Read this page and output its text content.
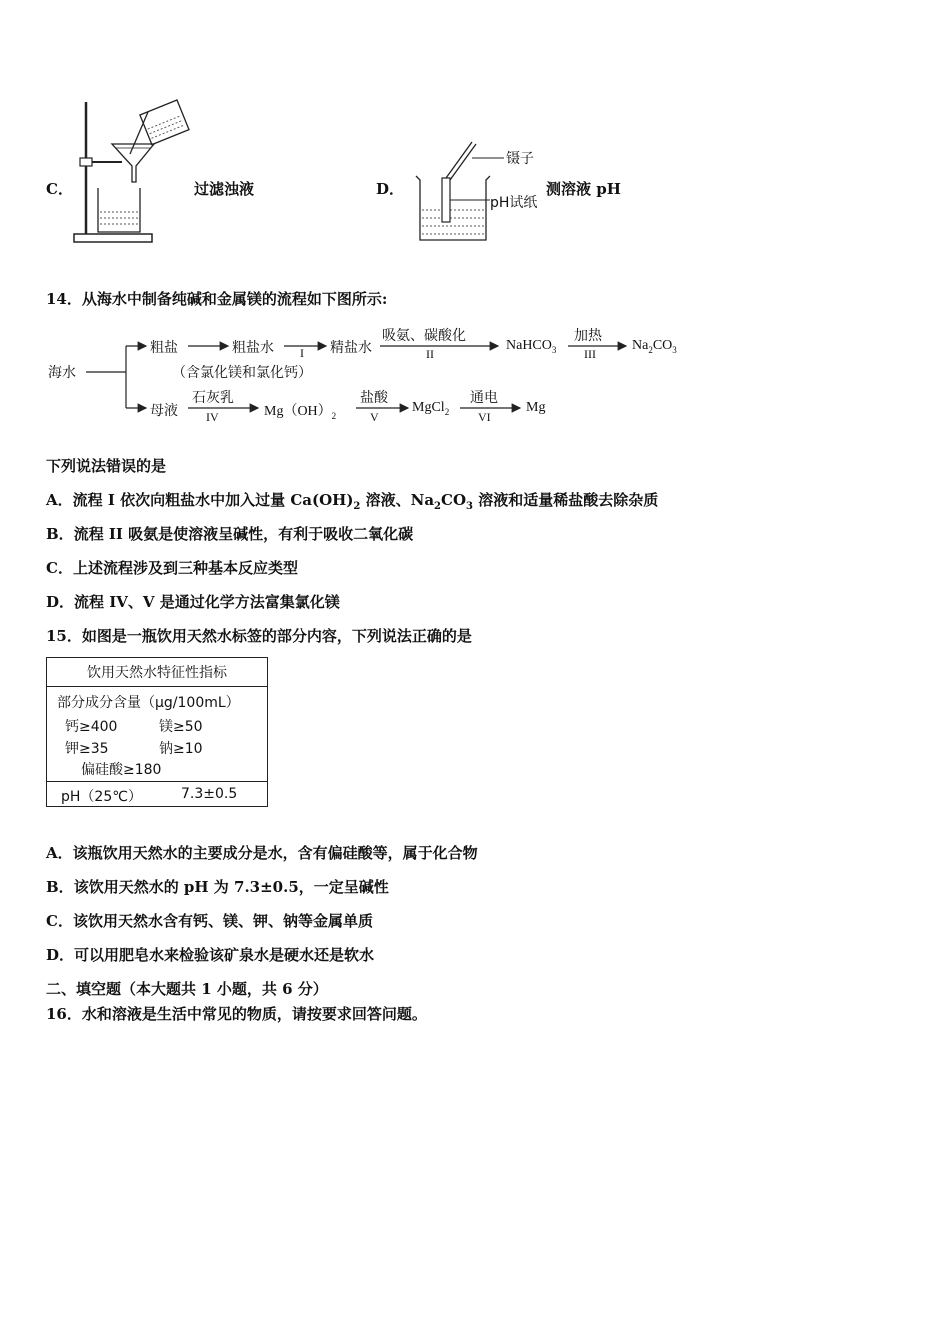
C．	过滤浊液	D．
镊子
pH试纸
测溶液 pH
14．从海水中制备纯碱和金属镁的流程如下图所示:
海水
粗盐	粗盐水
（含氯化镁和氯化钙）
I 精盐水
吸氨、碳酸化
II
NaHCO$_3$
加热
III
$Na_2CO_3$
母液
石灰乳
IV	$Mg(OH)_2$
盐酸
V
MgCl$_2$
通电
VI
Mg
下列说法错误的是
A．流程 I 依次向粗盐水中加入过量 $Ca(OH)_2$ 溶液、$Na_2CO_3$ 溶液和适量稀盐酸去除杂质
B．流程 II 吸氨是使溶液呈碱性，有利于吸收二氧化碳
C．上述流程涉及到三种基本反应类型
D．流程 IV、V 是通过化学方法富集氯化镁
15．如图是一瓶饮用天然水标签的部分内容，下列说法正确的是
饮用天然水特征性指标
部分成分含量（μg/100mL）
钙≥400	镁≥50
钾≥35	钠≥10
偏硅酸≥180
pH（25℃）	7.3±0.5
A．该瓶饮用天然水的主要成分是水，含有偏硅酸等，属于化合物
B．该饮用天然水的 pH 为 7.3±0.5，一定呈碱性
C．该饮用天然水含有钙、镁、钾、钠等金属单质
D．可以用肥皂水来检验该矿泉水是硬水还是软水
二、填空题（本大题共 1 小题，共 6 分）
16．水和溶液是生活中常见的物质，请按要求回答问题。
